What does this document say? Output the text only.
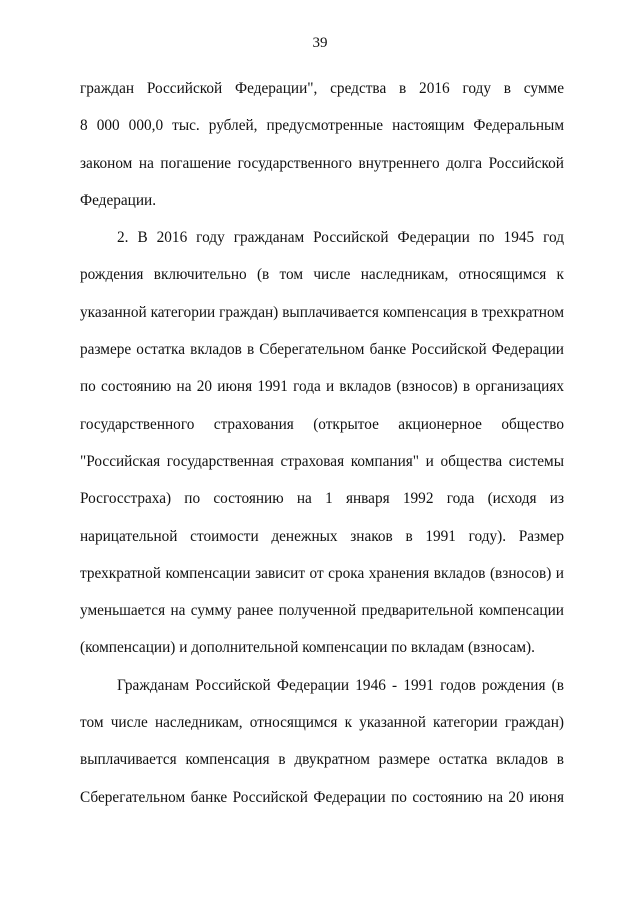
39
граждан Российской Федерации", средства в 2016 году в сумме
8 000 000,0 тыс. рублей, предусмотренные настоящим Федеральным
законом на погашение государственного внутреннего долга Российской
Федерации.
2. В 2016 году гражданам Российской Федерации по 1945 год
рождения включительно (в том числе наследникам, относящимся к
указанной категории граждан) выплачивается компенсация в трехкратном
размере остатка вкладов в Сберегательном банке Российской Федерации
по состоянию на 20 июня 1991 года и вкладов (взносов) в организациях
государственного страхования (открытое акционерное общество
"Российская государственная страховая компания" и общества системы
Росгосстраха) по состоянию на 1 января 1992 года (исходя из
нарицательной стоимости денежных знаков в 1991 году). Размер
трехкратной компенсации зависит от срока хранения вкладов (взносов) и
уменьшается на сумму ранее полученной предварительной компенсации
(компенсации) и дополнительной компенсации по вкладам (взносам).
Гражданам Российской Федерации 1946 - 1991 годов рождения (в
том числе наследникам, относящимся к указанной категории граждан)
выплачивается компенсация в двукратном размере остатка вкладов в
Сберегательном банке Российской Федерации по состоянию на 20 июня
